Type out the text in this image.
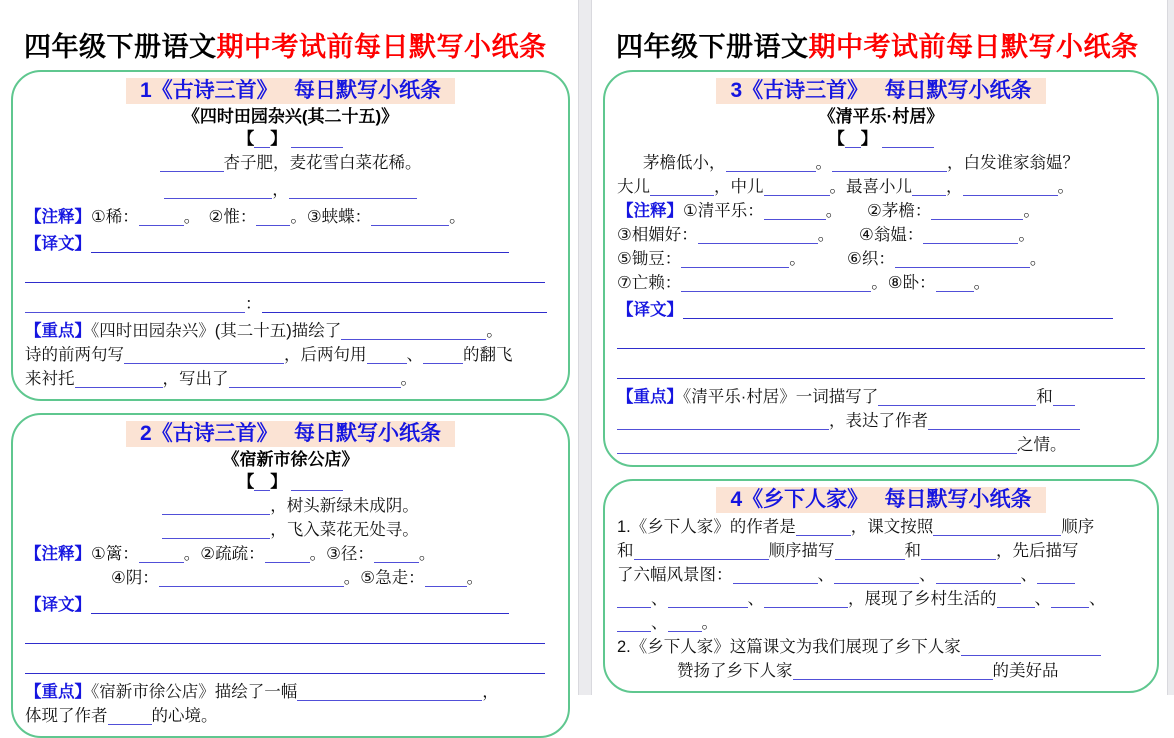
四年级下册语文期中考试前每日默写小纸条
1《古诗三首》　 每日默写小纸条
《四时田园杂兴(其二十五)》
【 】
杏子肥，麦花雪白菜花稀。
，
【注释】①稀：	。　②惟： 。③蛱蝶：	。
【译文】
：
【重点】《四时田园杂兴》(其二十五)描绘了	。
诗的前两句写	，后两句用 、 的翻飞
来衬托	，写出了	。
2《古诗三首》　 每日默写小纸条
《宿新市徐公店》
【 】
，树头新绿未成阴。
，飞入菜花无处寻。
【注释】①篱：	。②疏疏：	。③径：	。
④阴：	。⑤急走：	。
【译文】
【重点】《宿新市徐公店》描绘了一幅	，
体现了作者	的心境。
四年级下册语文期中考试前每日默写小纸条
3《古诗三首》　 每日默写小纸条
《清平乐·村居》
【 】
茅檐低小，	。	，白发谁家翁媪？
大儿	，中儿	。最喜小儿 ，	。
【注释】①清平乐：	。　　②茅檐：	。
③相媚好：	。　　④翁媪：	。
⑤锄豆：	。　　　⑥织：	。
⑦亡赖：	。⑧卧： 。
【译文】
【重点】《清平乐·村居》一词描写了	和
，表达了作者
之情。
4《乡下人家》　 每日默写小纸条
1.《乡下人家》的作者是	，课文按照	顺序
和	顺序描写	和	，先后描写
了六幅风景图：	、	、	、
、	、	，展现了乡村生活的 、 、
、 。
2.《乡下人家》这篇课文为我们展现了乡下人家
赞扬了乡下人家	的美好品
